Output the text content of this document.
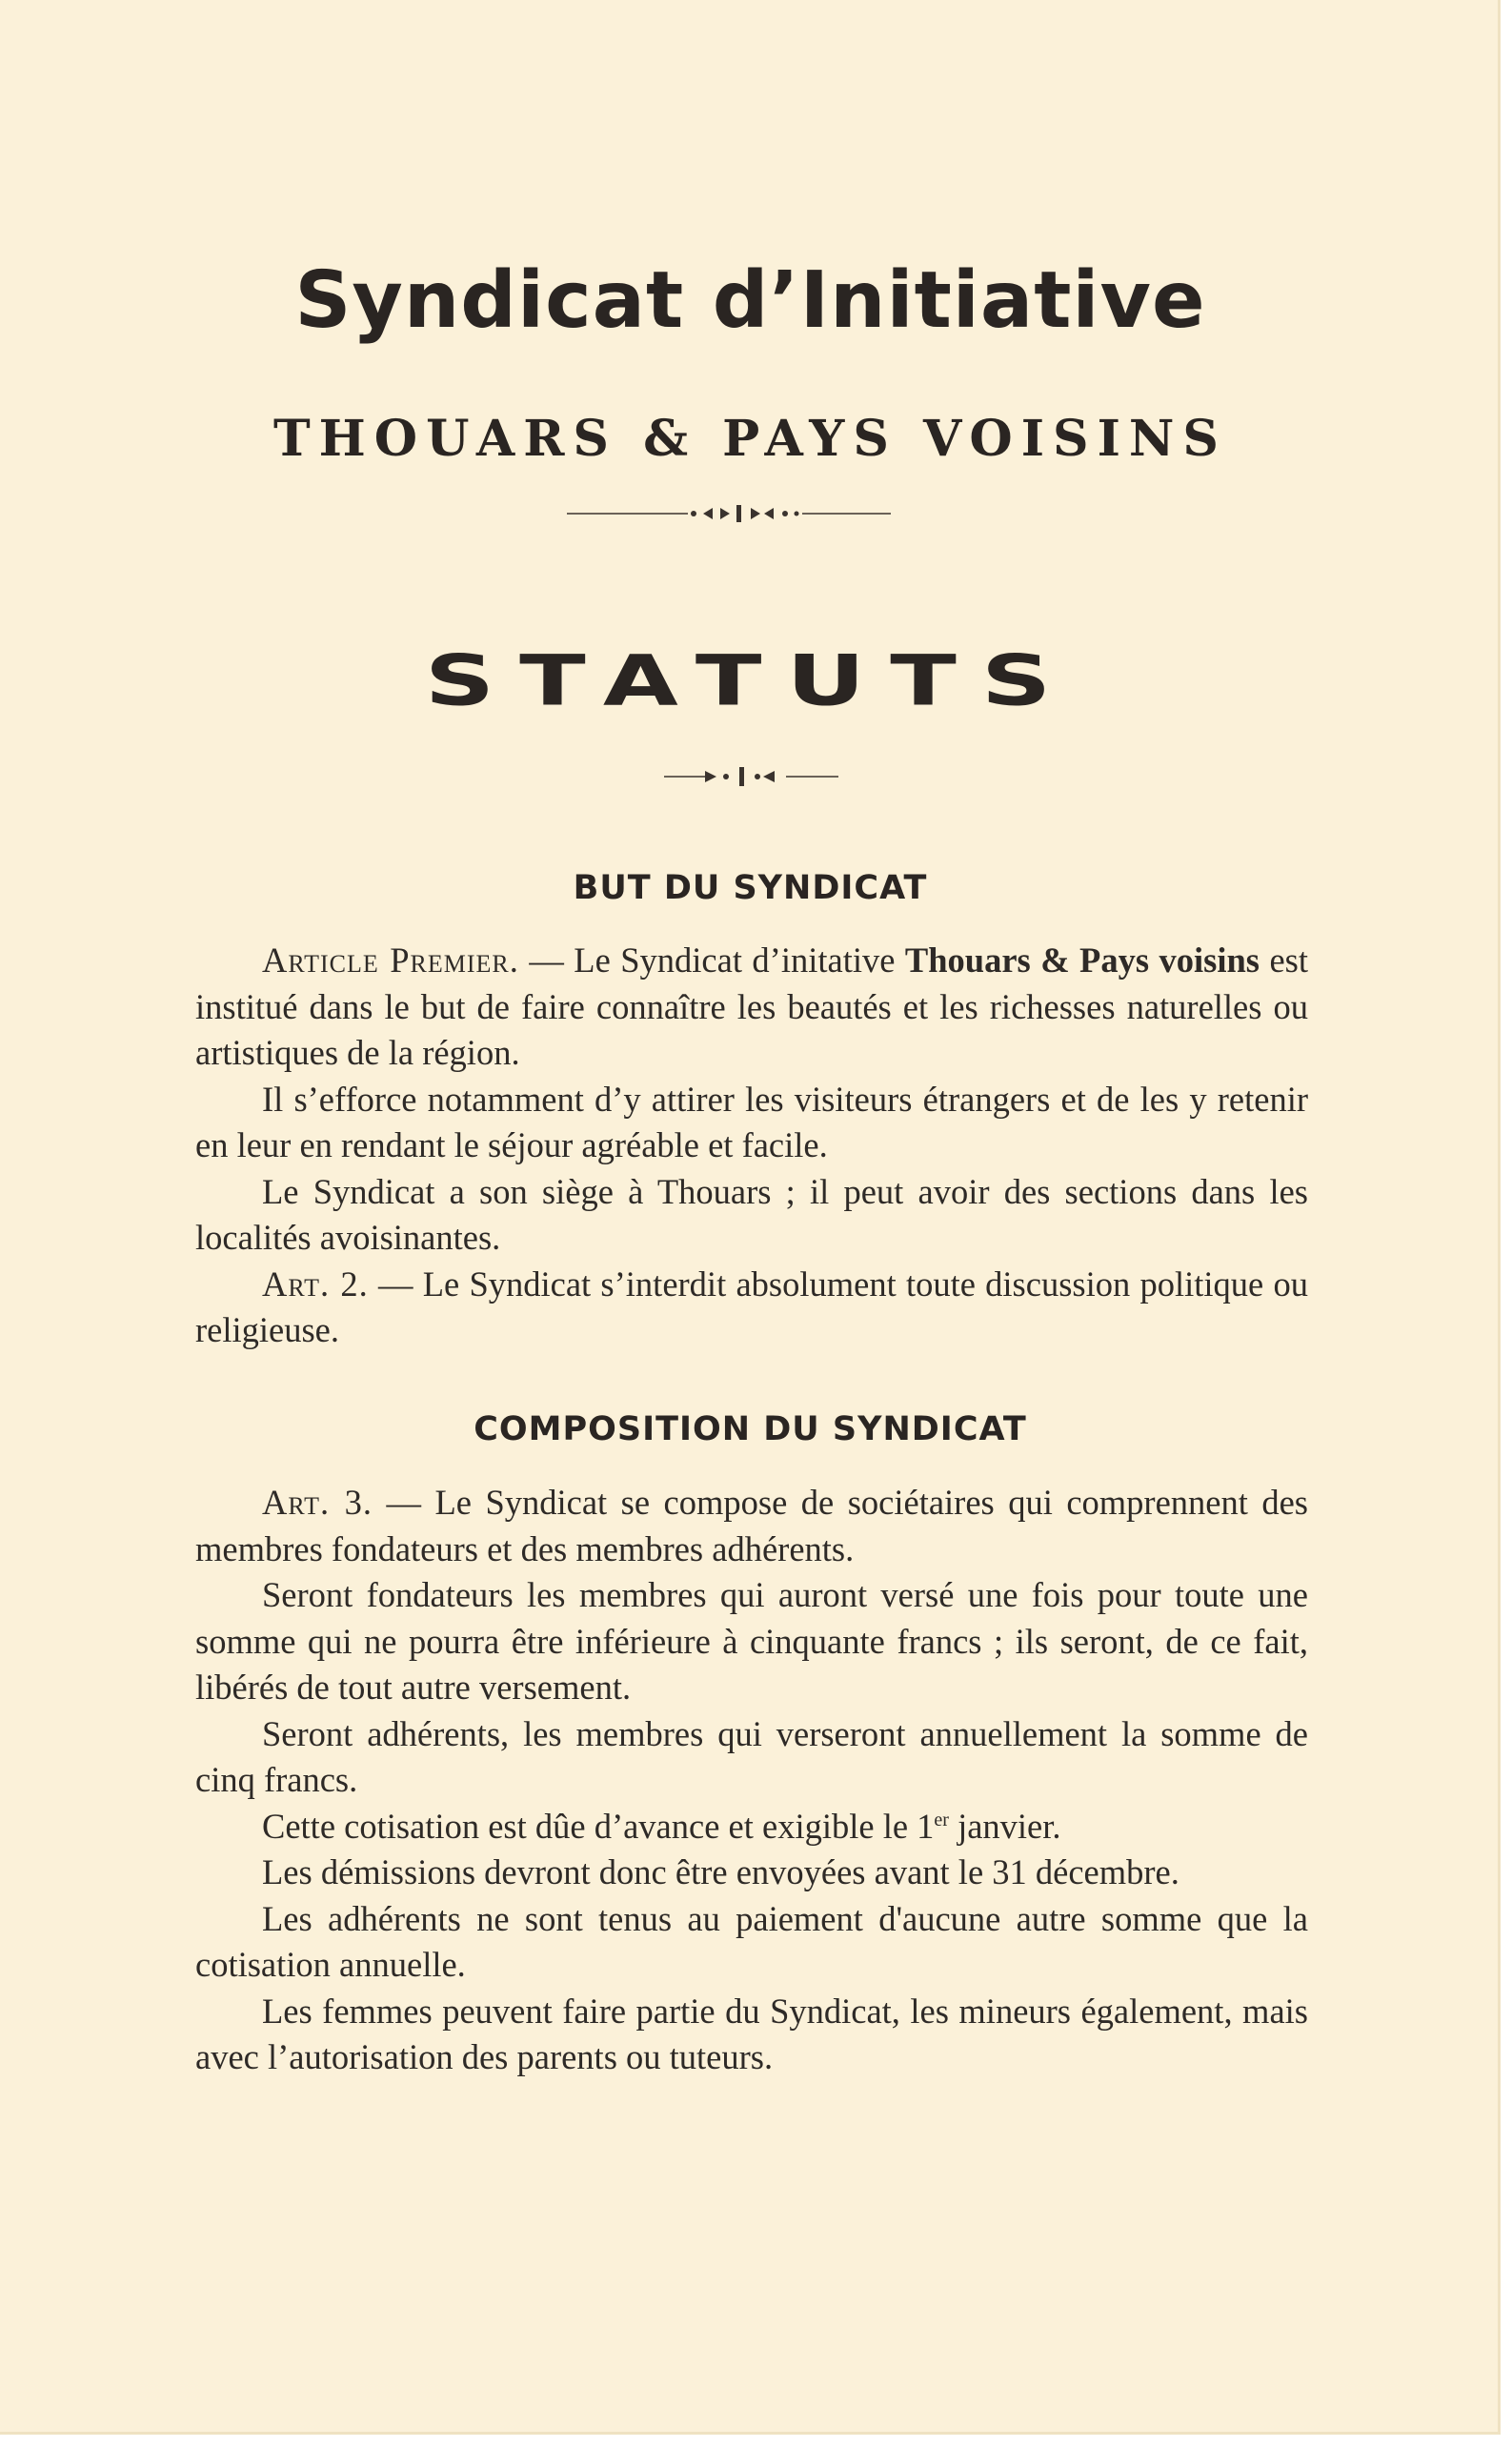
Syndicat d’Initiative
THOUARS & PAYS VOISINS
STATUTS
BUT DU SYNDICAT

Article Premier. — Le Syndicat d’initative Thouars & Pays voisins est institué dans le but de faire connaître les beautés et les richesses naturelles ou artistiques de la région.

Il s’efforce notamment d’y attirer les visiteurs étrangers et de les y retenir en leur en rendant le séjour agréable et facile.

Le Syndicat a son siège à Thouars ; il peut avoir des sections dans les localités avoisinantes.

Art. 2. — Le Syndicat s’interdit absolument toute discussion politique ou religieuse.

COMPOSITION DU SYNDICAT

Art. 3. — Le Syndicat se compose de sociétaires qui comprennent des membres fondateurs et des membres adhérents.

Seront fondateurs les membres qui auront versé une fois pour toute une somme qui ne pourra être inférieure à cinquante francs ; ils seront, de ce fait, libérés de tout autre versement.

Seront adhérents, les membres qui verseront annuellement la somme de cinq francs.

Cette cotisation est dûe d’avance et exigible le 1er janvier.

Les démissions devront donc être envoyées avant le 31 décembre.

Les adhérents ne sont tenus au paiement d'aucune autre somme que la cotisation annuelle.

Les femmes peuvent faire partie du Syndicat, les mineurs également, mais avec l’autorisation des parents ou tuteurs.
